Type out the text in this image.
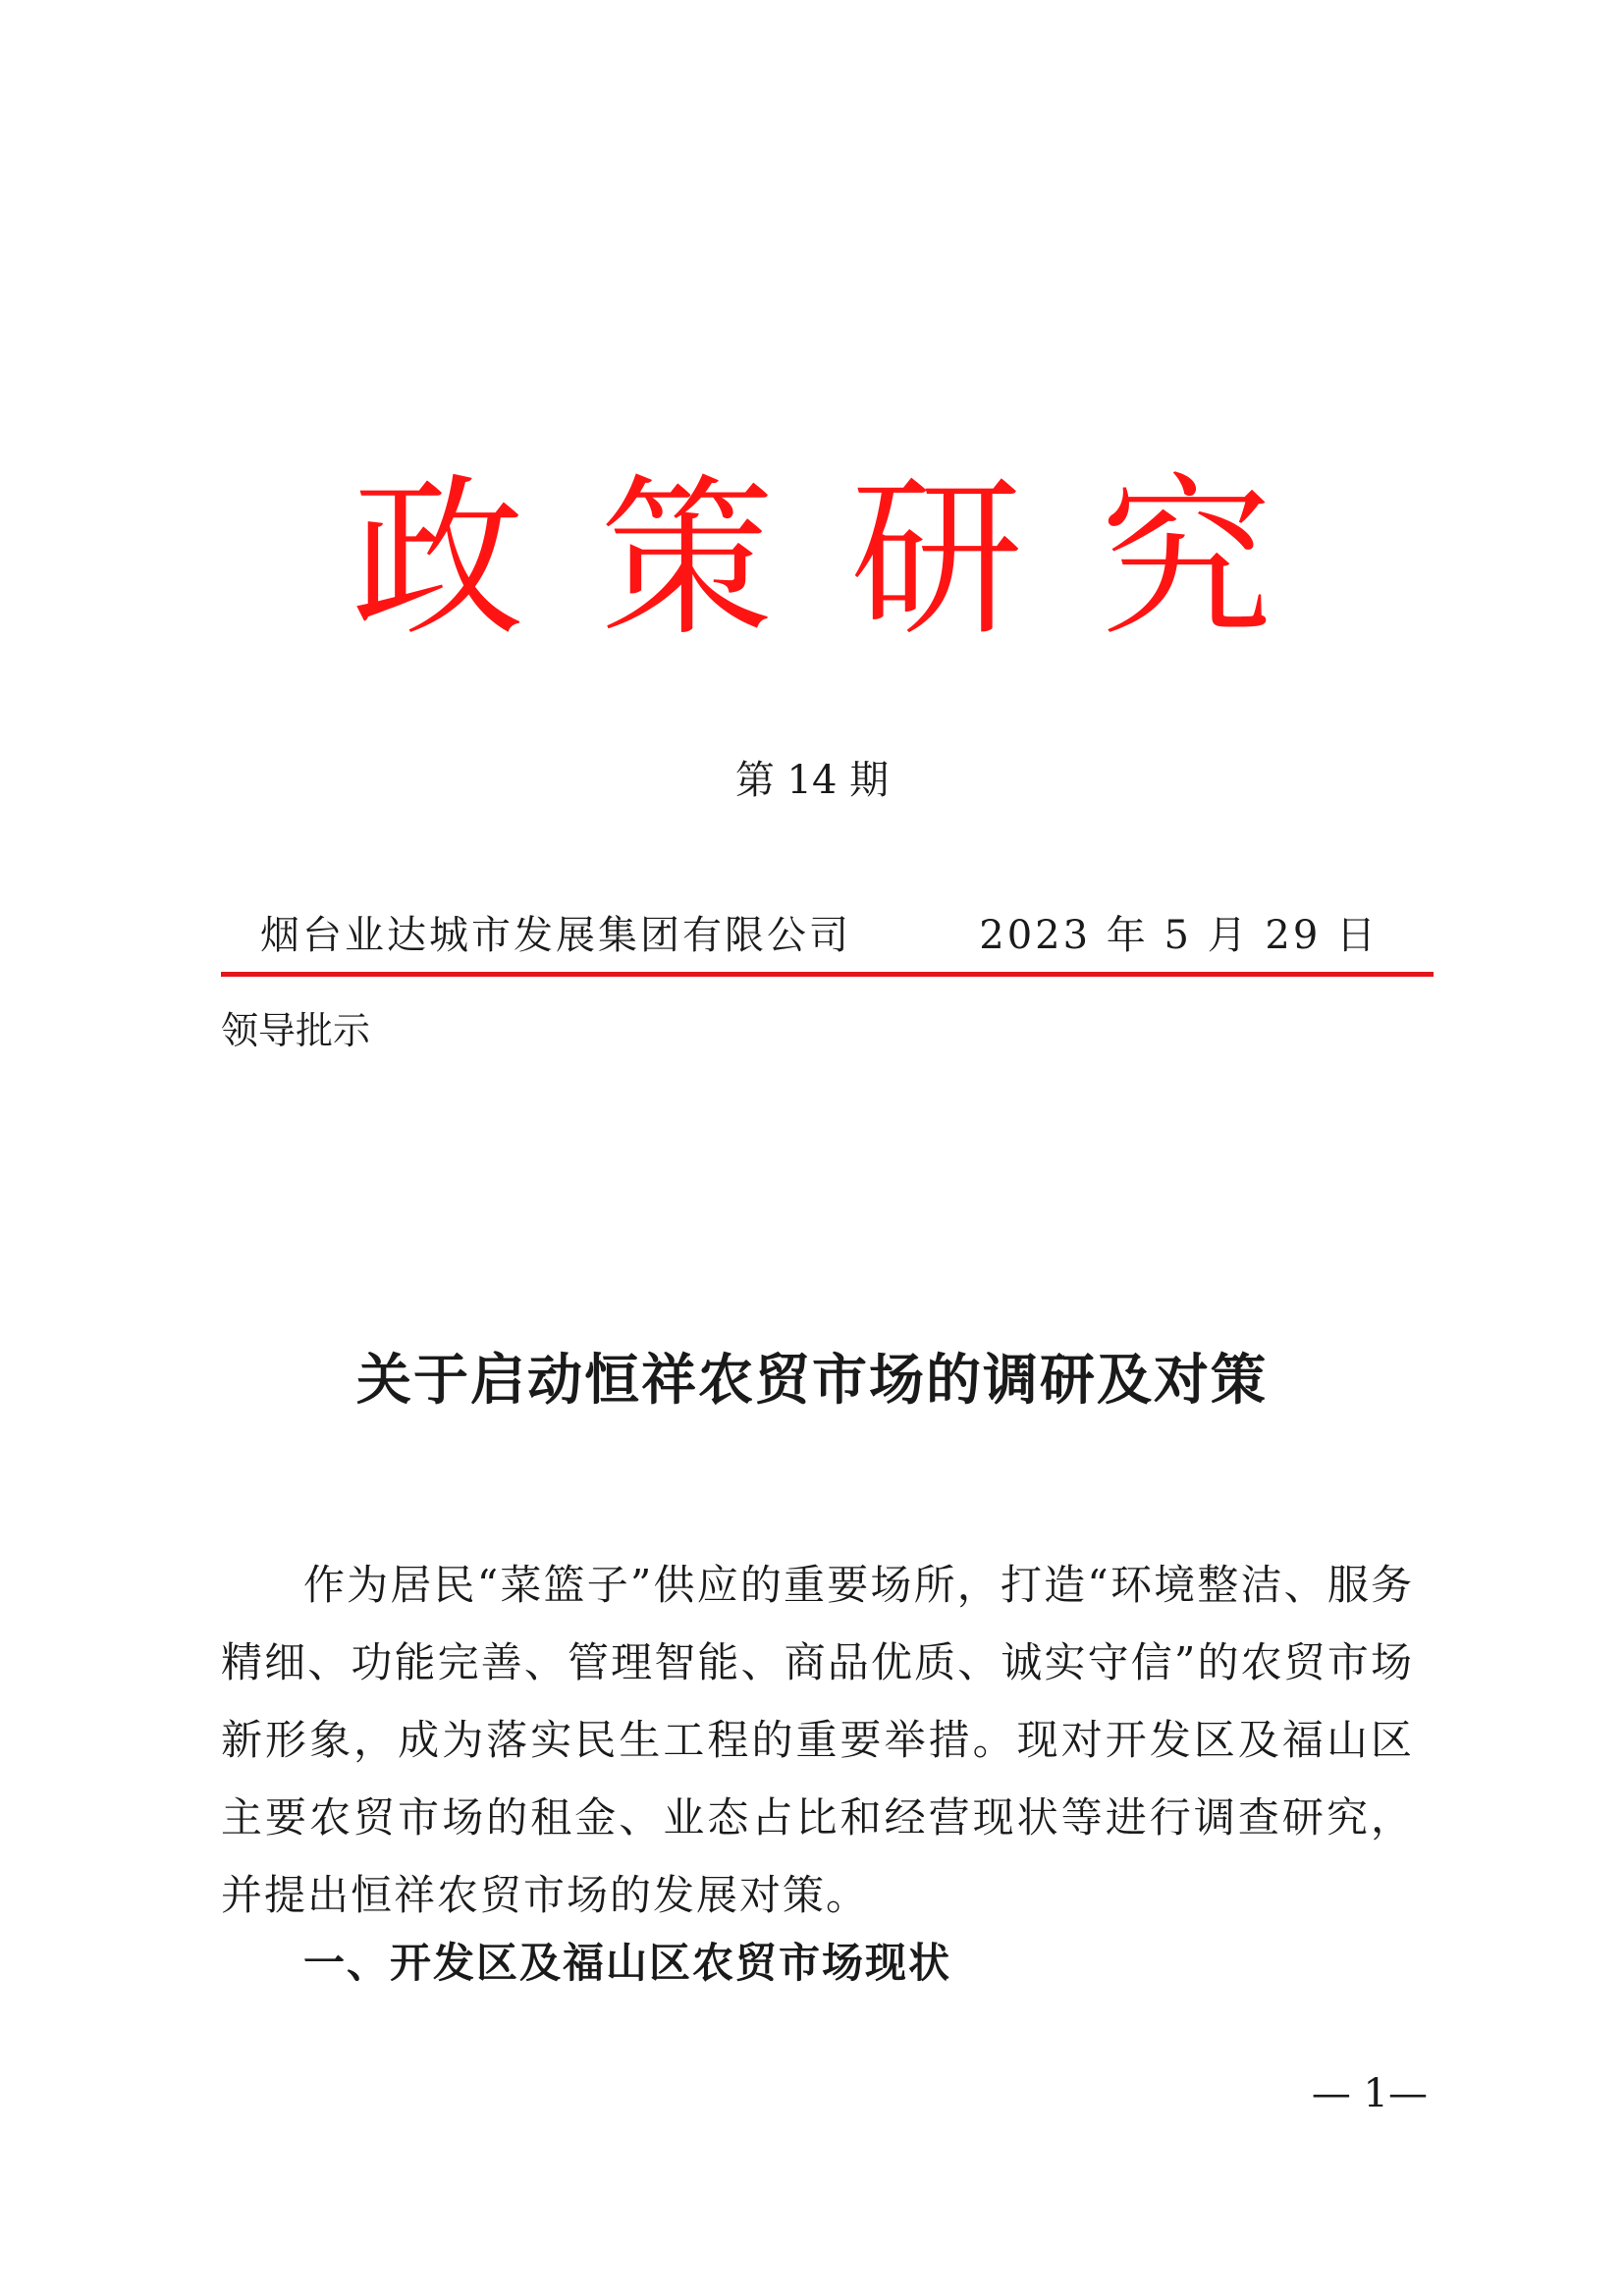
政策研究
第 14 期
烟台业达城市发展集团有限公司	2023 年 5 月 29 日
领导批示
关于启动恒祥农贸市场的调研及对策

作为居民“菜篮子”供应的重要场所，打造“环境整洁、服务精细、功能完善、管理智能、商品优质、诚实守信”的农贸市场新形象，成为落实民生工程的重要举措。现对开发区及福山区主要农贸市场的租金、业态占比和经营现状等进行调查研究，并提出恒祥农贸市场的发展对策。

一、开发区及福山区农贸市场现状
— 1—
